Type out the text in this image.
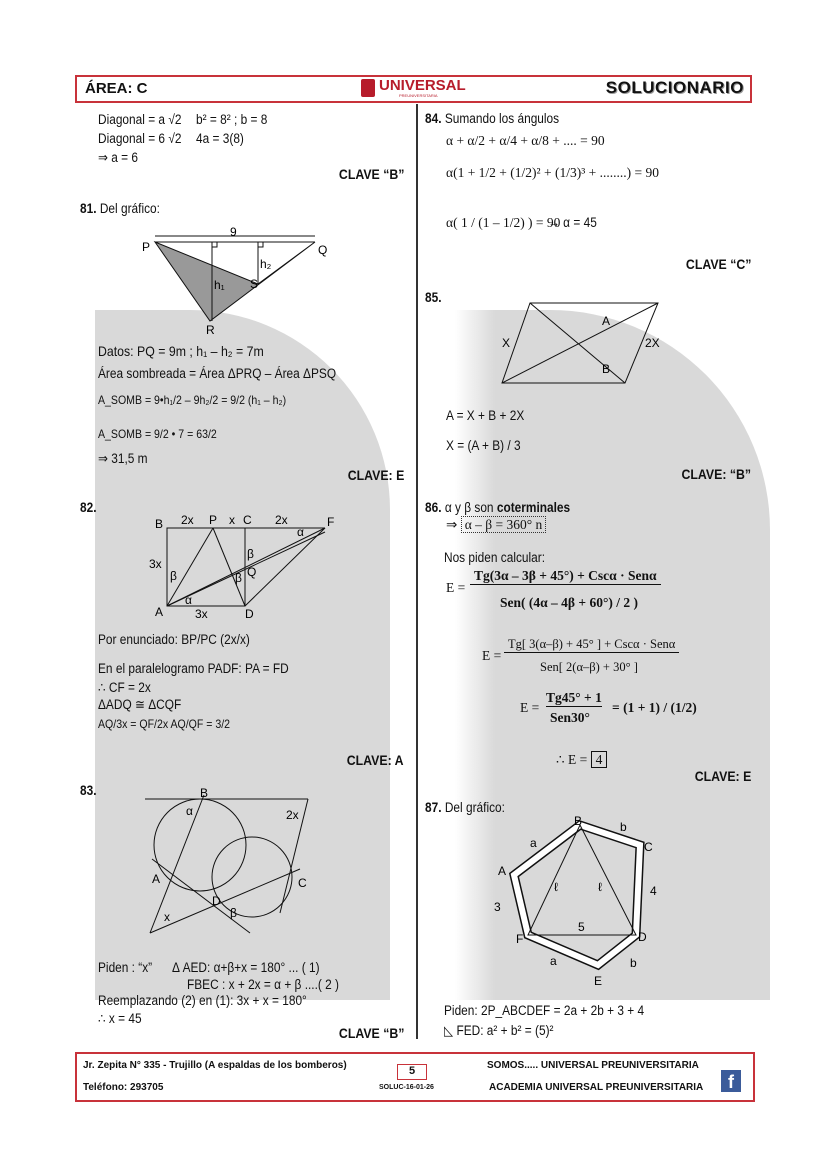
ÁREA: C	UNIVERSAL
PREUNIVERSITARIA	SOLUCIONARIO
Diagonal = a √2 b² = 8² ; b = 8
Diagonal = 6 √2 4a = 3(8)
⇒ a = 6
CLAVE “B”
81. Del gráfico:
9
P	Q
R
S
h₁
h₂
Datos: PQ = 9m ; h₁ – h₂ = 7m
Área sombreada = Área ΔPRQ – Área ΔPSQ
A_SOMB = 9•h₁/2 – 9h₂/2 = 9/2 (h₁ – h₂)
A_SOMB = 9/2 • 7 = 63/2
⇒ 31,5 m
CLAVE: E
82.
B 2x P x C 2x	F
3x
A	3x	D
Q
α
α
β	β
β
Por enunciado: BP/PC (2x/x)
En el paralelogramo PADF: PA = FD
∴ CF = 2x
ΔADQ ≅ ΔCQF
AQ/3x = QF/2x AQ/QF = 3/2
CLAVE: A
83.	B
A	C
D
x
2x
α
β
Piden : “x” Δ AED: α+β+x = 180° ... ( 1)
FBEC : x + 2x = α + β ....( 2 )
Reemplazando (2) en (1): 3x + x = 180°
∴ x = 45
CLAVE “B”
84. Sumando los ángulos
α + α/2 + α/4 + α/8 + .... = 90
α(1 + 1/2 + (1/2)² + (1/3)³ + ........) = 90
α( 1 / (1 – 1/2) ) = 90
→ α = 45
CLAVE “C”
85.
A
B
X	2X
A = X + B + 2X
X = (A + B) / 3
CLAVE: “B”
86. α y β son coterminales
⇒ α – β = 360° n
Nos piden calcular:
E =
Tg(3α – 3β + 45°) + Cscα · Senα
Sen( (4α – 4β + 60°) / 2 )
E =
Tg[ 3(α–β) + 45° ] + Cscα · Senα
Sen[ 2(α–β) + 30° ]
E =
Tg45° + 1
Sen30°
= (1 + 1) / (1/2)
∴ E = 4
CLAVE: E
87. Del gráfico:
B
C
D
E
F
A
a
b
3
4
5
a	b
ℓ	ℓ
Piden: 2P_ABCDEF = 2a + 2b + 3 + 4
◺ FED: a² + b² = (5)²
Jr. Zepita N° 335 - Trujillo (A espaldas de los bomberos)
Teléfono: 293705
5
SOLUC-16-01-26
SOMOS..... UNIVERSAL PREUNIVERSITARIA
ACADEMIA UNIVERSAL PREUNIVERSITARIA	f
